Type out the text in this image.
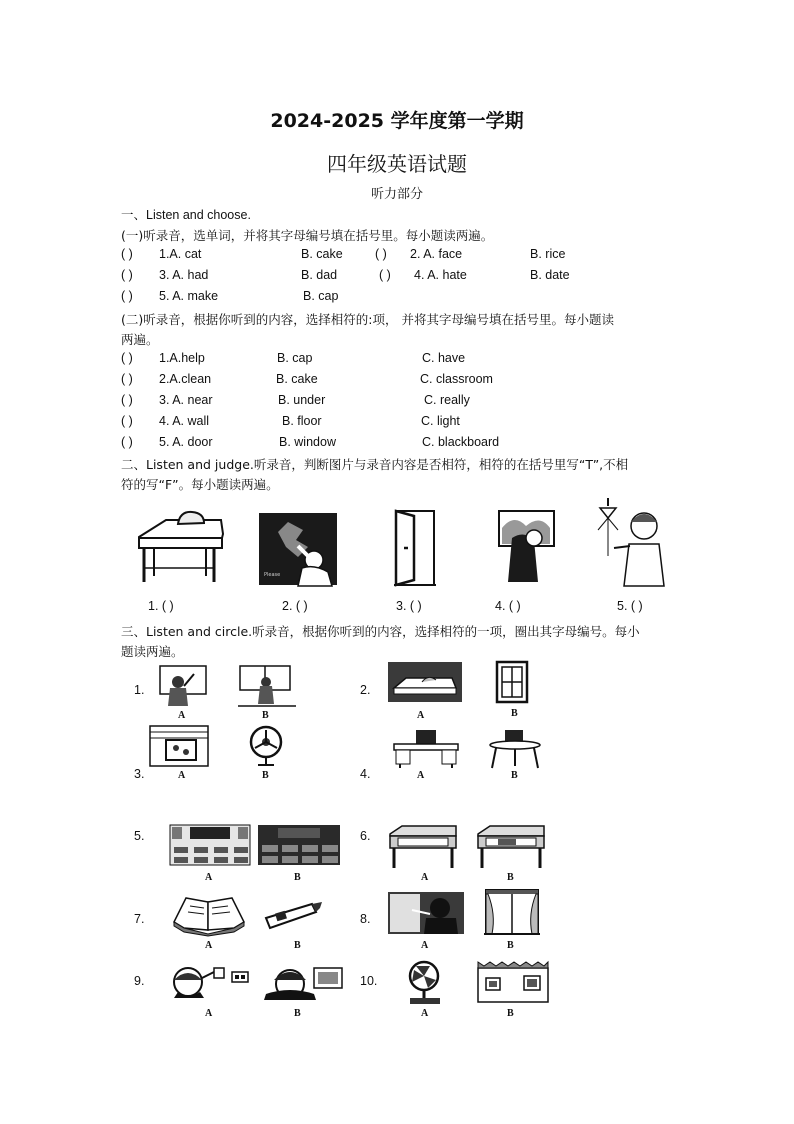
2024-2025 学年度第一学期
四年级英语试题
听力部分
一、Listen and choose.
(一)听录音，选单词，并将其字母编号填在括号里。每小题读两遍。
( ) 1.A. cat	B. cake	( ) 2. A. face	B. rice
( ) 3. A. had	B. dad	( ) 4. A. hate	B. date
( ) 5. A. make	B. cap
(二)听录音，根据你听到的内容，选择相符的:项， 并将其字母编号填在括号里。每小题读
两遍。
( ) 1.A.help	B. cap	C. have
( ) 2.A.clean	B. cake	C. classroom
( ) 3. A. near	B. under	C. really
( ) 4. A. wall	B. floor	C. light
( ) 5. A. door	B. window	C. blackboard
二、Listen and judge.听录音，判断图片与录音内容是否相符，相符的在括号里写“T”,不相
符的写“F”。每小题读两遍。
Please
1. ( )	2. ( )	3. ( )	4. ( )	5. ( )
三、Listen and circle.听录音，根据你听到的内容，选择相符的一项，圈出其字母编号。每小
题读两遍。
1.
A	B
2.
A	B
3.	A	B	4.	A	B
5.
A	B
6.
A	B
7.
A	B
8.
A	B
9.
A	B
10.
A	B
